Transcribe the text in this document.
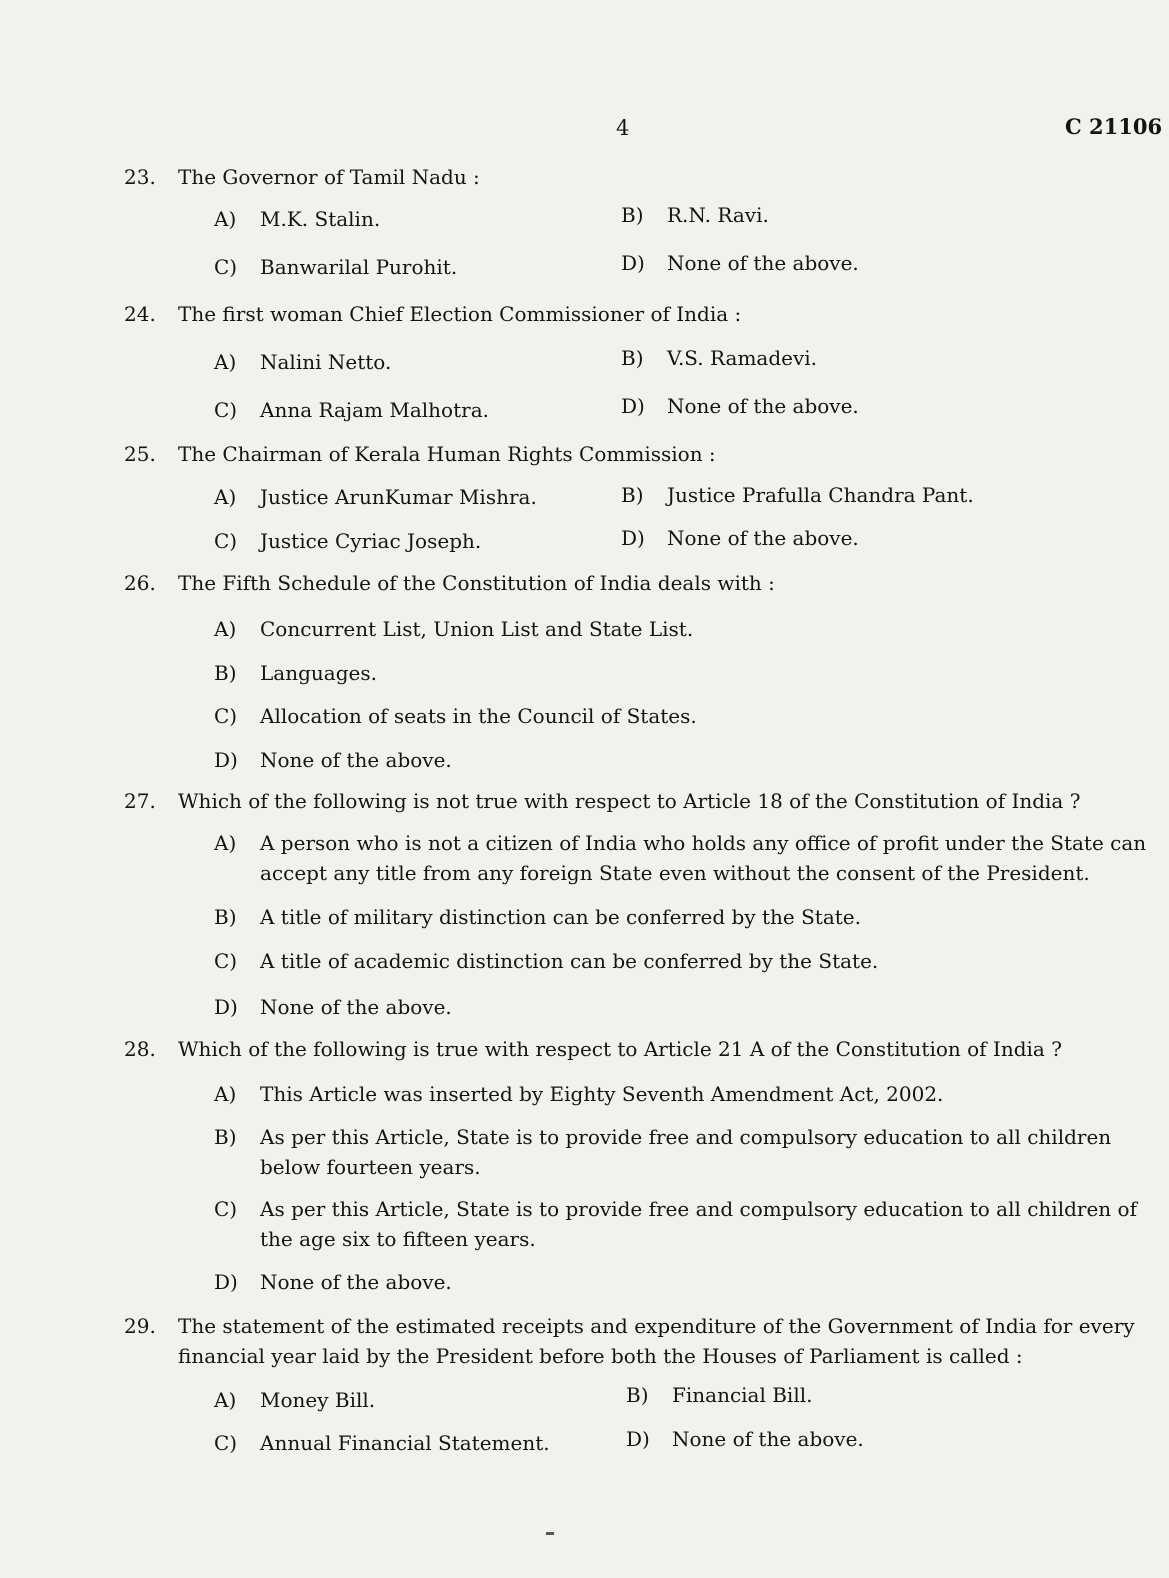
4	C 21106
23. The Governor of Tamil Nadu :
A) M.K. Stalin.	B) R.N. Ravi.
C) Banwarilal Purohit.	D) None of the above.
24. The first woman Chief Election Commissioner of India :
A) Nalini Netto.	B) V.S. Ramadevi.
C) Anna Rajam Malhotra.	D) None of the above.
25. The Chairman of Kerala Human Rights Commission :
A) Justice ArunKumar Mishra.	B) Justice Prafulla Chandra Pant.
C) Justice Cyriac Joseph.	D) None of the above.
26. The Fifth Schedule of the Constitution of India deals with :
A) Concurrent List, Union List and State List.
B) Languages.
C) Allocation of seats in the Council of States.
D) None of the above.
27. Which of the following is not true with respect to Article 18 of the Constitution of India ?
A) A person who is not a citizen of India who holds any office of profit under the State can accept any title from any foreign State even without the consent of the President.
B) A title of military distinction can be conferred by the State.
C) A title of academic distinction can be conferred by the State.
D) None of the above.
28. Which of the following is true with respect to Article 21 A of the Constitution of India ?
A) This Article was inserted by Eighty Seventh Amendment Act, 2002.
B) As per this Article, State is to provide free and compulsory education to all children below fourteen years.
C) As per this Article, State is to provide free and compulsory education to all children of the age six to fifteen years.
D) None of the above.
29. The statement of the estimated receipts and expenditure of the Government of India for every financial year laid by the President before both the Houses of Parliament is called :
A) Money Bill.	B) Financial Bill.
C) Annual Financial Statement.	D) None of the above.
